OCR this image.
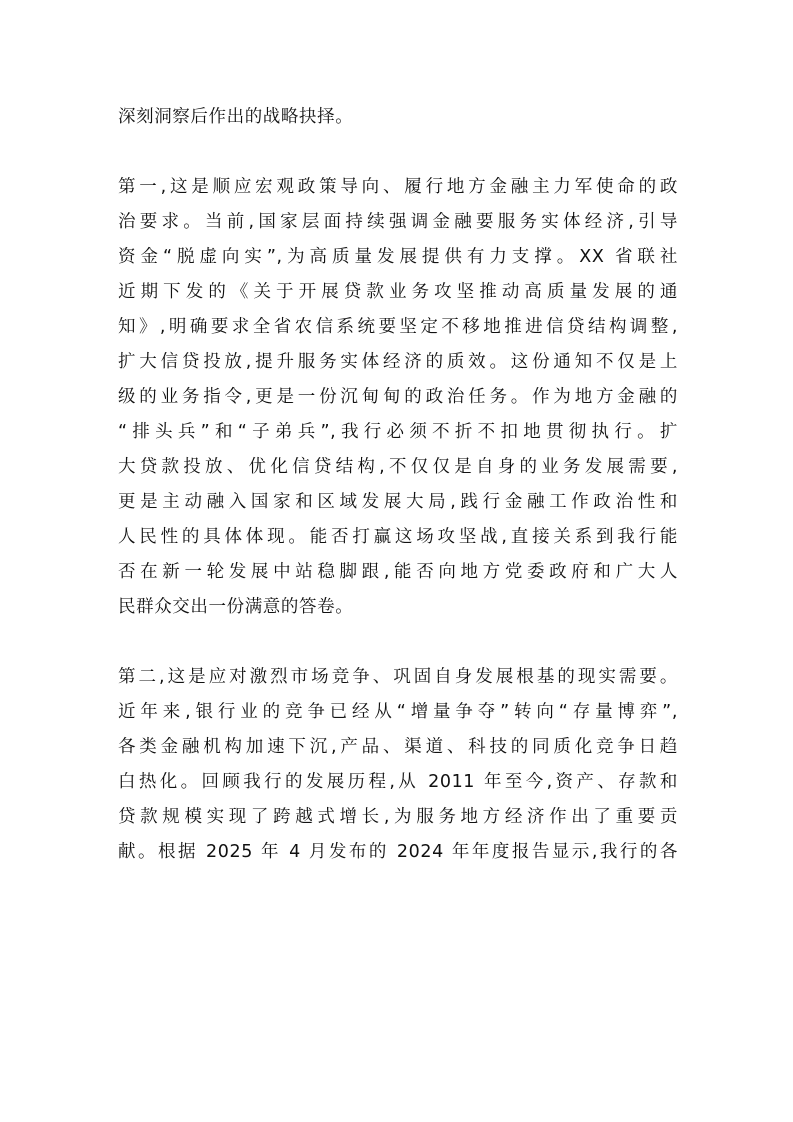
深刻洞察后作出的战略抉择。
第一,这是顺应宏观政策导向、履行地方金融主力军使命的政
治要求。当前,国家层面持续强调金融要服务实体经济,引导
资金“脱虚向实”,为高质量发展提供有力支撑。XX 省联社
近期下发的《关于开展贷款业务攻坚推动高质量发展的通
知》,明确要求全省农信系统要坚定不移地推进信贷结构调整,
扩大信贷投放,提升服务实体经济的质效。这份通知不仅是上
级的业务指令,更是一份沉甸甸的政治任务。作为地方金融的
“排头兵”和“子弟兵”,我行必须不折不扣地贯彻执行。扩
大贷款投放、优化信贷结构,不仅仅是自身的业务发展需要,
更是主动融入国家和区域发展大局,践行金融工作政治性和
人民性的具体体现。能否打赢这场攻坚战,直接关系到我行能
否在新一轮发展中站稳脚跟,能否向地方党委政府和广大人
民群众交出一份满意的答卷。
第二,这是应对激烈市场竞争、巩固自身发展根基的现实需要。
近年来,银行业的竞争已经从“增量争夺”转向“存量博弈”,
各类金融机构加速下沉,产品、渠道、科技的同质化竞争日趋
白热化。回顾我行的发展历程,从 2011 年至今,资产、存款和
贷款规模实现了跨越式增长,为服务地方经济作出了重要贡
献。根据 2025 年 4 月发布的 2024 年年度报告显示,我行的各
